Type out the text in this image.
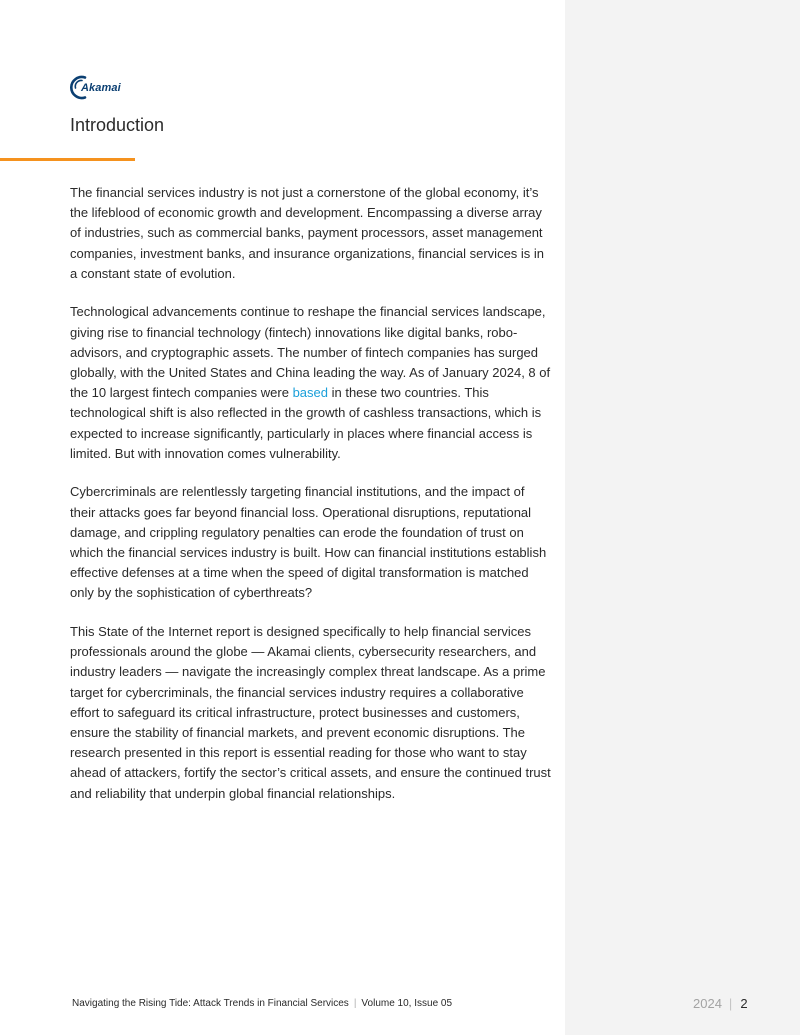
Akamai
Introduction

The financial services industry is not just a cornerstone of the global economy, it’s the lifeblood of economic growth and development. Encompassing a diverse array of industries, such as commercial banks, payment processors, asset management companies, investment banks, and insurance organizations, financial services is in a constant state of evolution.

Technological advancements continue to reshape the financial services landscape, giving rise to financial technology (fintech) innovations like digital banks, robo-advisors, and cryptographic assets. The number of fintech companies has surged globally, with the United States and China leading the way. As of January 2024, 8 of the 10 largest fintech companies were based in these two countries. This technological shift is also reflected in the growth of cashless transactions, which is expected to increase significantly, particularly in places where financial access is limited. But with innovation comes vulnerability.

Cybercriminals are relentlessly targeting financial institutions, and the impact of their attacks goes far beyond financial loss. Operational disruptions, reputational damage, and crippling regulatory penalties can erode the foundation of trust on which the financial services industry is built. How can financial institutions establish effective defenses at a time when the speed of digital transformation is matched only by the sophistication of cyberthreats?

This State of the Internet report is designed specifically to help financial services professionals around the globe — Akamai clients, cybersecurity researchers, and industry leaders — navigate the increasingly complex threat landscape. As a prime target for cybercriminals, the financial services industry requires a collaborative effort to safeguard its critical infrastructure, protect businesses and customers, ensure the stability of financial markets, and prevent economic disruptions. The research presented in this report is essential reading for those who want to stay ahead of attackers, fortify the sector’s critical assets, and ensure the continued trust and reliability that underpin global financial relationships.

Navigating the Rising Tide: Attack Trends in Financial Services | Volume 10, Issue 05	2024 | 2
